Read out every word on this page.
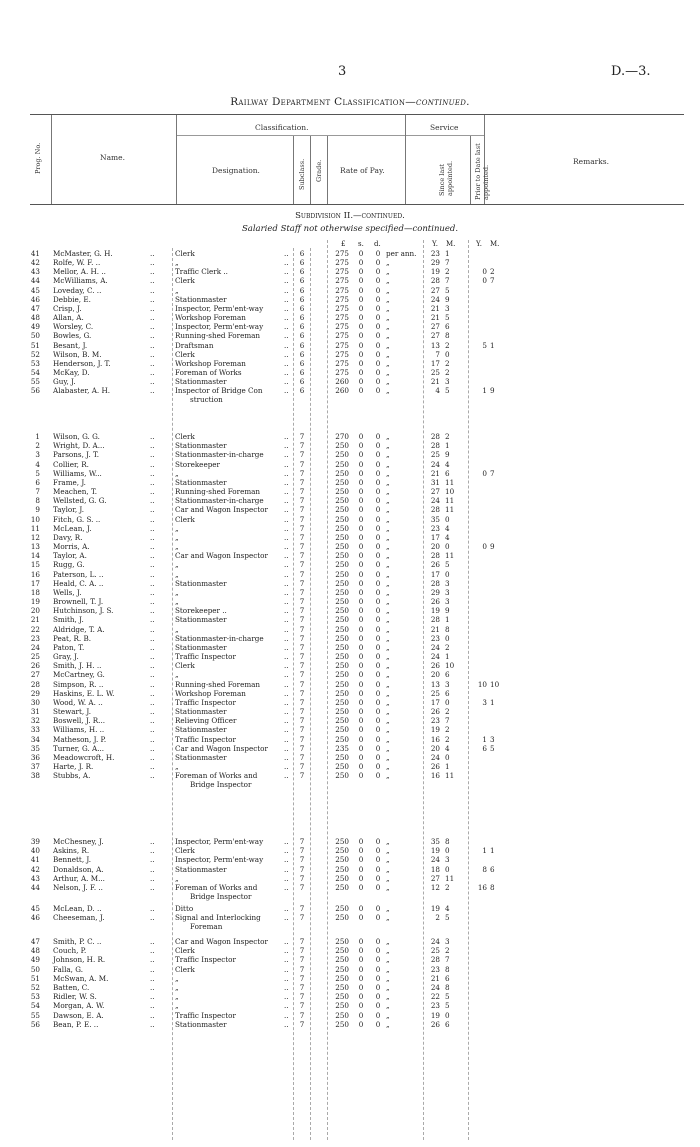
3	D.—3.
Railway Department Classification—continued.
Prog. No.	Name.
Classification.
Designation.	Subclass. Grade. Rate of Pay.
Service
Since last appointed.	Prior to Date last appointed.
Remarks.
Subdivision II.—continued.
Salaried Staff not otherwise specified—continued.
£ s. d.	Y. M.	Y. M.
41 McMaster, G. H.	Clerk	6	275	0	0 per ann.	23 1
..	..
42 Rolfe, W. F. ..	„	6	275	0	0 „	29 7
..	..
43 Mellor, A. H. ..	Traffic Clerk ..	6	275	0	0 „	19 2	0 2
..	..
44 McWilliams, A.	Clerk	6	275	0	0 „	28 7	0 7
..	..
45 Loveday, C. ..	„	6	275	0	0 „	27 5
..	..
46 Debbie, E.	Stationmaster	6	275	0	0 „	24 9
..	..
47 Crisp, J.	Inspector, Perm'ent-way	6	275	0	0 „	21 3
..	..
48 Allan, A.	Workshop Foreman	6	275	0	0 „	21 5
..	..
49 Worsley, C.	Inspector, Perm'ent-way	6	275	0	0 „	27 6
..	..
50 Bowles, G.	Running-shed Foreman	6	275	0	0 „	27 8
..	..
51 Besant, J.	Draftsman	6	275	0	0 „	13 2	5 1
..	..
52 Wilson, B. M.	Clerk	6	275	0	0 „	7 0
..	..
53 Henderson, J. T.	Workshop Foreman	6	275	0	0 „	17 2
..	..
54 McKay, D.	Foreman of Works	6	275	0	0 „	25 2
..	..
55 Guy, J.	Stationmaster	6	260	0	0 „	21 3
..	..
56 Alabaster, A. H.	Inspector of Bridge Con	6	260	0	0 „	4 5	1 9
..	..
struction
1 Wilson, G. G.	Clerk	7	270	0	0 „	28 2
..	..
2 Wright, D. A...	Stationmaster	7	250	0	0 „	28 1
..	..
3 Parsons, J. T.	Stationmaster-in-charge	7	250	0	0 „	25 9
..	..
4 Collier, R.	Storekeeper	7	250	0	0 „	24 4
..	..
5 Williams, W...	„	7	250	0	0 „	21 6	0 7
..	..
6 Frame, J.	Stationmaster	7	250	0	0 „	31 11
..	..
7 Meachen, T.	Running-shed Foreman	7	250	0	0 „	27 10
..	..
8 Wellsted, G. G.	Stationmaster-in-charge	7	250	0	0 „	24 11
..	..
9 Taylor, J.	Car and Wagon Inspector	7	250	0	0 „	28 11
..	..
10 Fitch, G. S. ..	Clerk	7	250	0	0 „	35 0
..	..
11 McLean, J.	„	7	250	0	0 „	23 4
..	..
12 Davy, R.	„	7	250	0	0 „	17 4
..	..
13 Morris, A.	„	7	250	0	0 „	20 0	0 9
..	..
14 Taylor, A.	Car and Wagon Inspector	7	250	0	0 „	28 11
..	..
15 Rugg, G.	„	7	250	0	0 „	26 5
..	..
16 Paterson, L. ..	„	7	250	0	0 „	17 0
..	..
17 Heald, C. A. ..	Stationmaster	7	250	0	0 „	28 3
..	..
18 Wells, J.	„	7	250	0	0 „	29 3
..	..
19 Brownell, T. J.	„	7	250	0	0 „	26 3
..	..
20 Hutchinson, J. S.	Storekeeper ..	7	250	0	0 „	19 9
..	..
21 Smith, J.	Stationmaster	7	250	0	0 „	28 1
..	..
22 Aldridge, T. A.	„	7	250	0	0 „	21 8
..	..
23 Peat, R. B.	Stationmaster-in-charge	7	250	0	0 „	23 0
..	..
24 Paton, T.	Stationmaster	7	250	0	0 „	24 2
..	..
25 Gray, J.	Traffic Inspector	7	250	0	0 „	24 1
..	..
26 Smith, J. H. ..	Clerk	7	250	0	0 „	26 10
..	..
27 McCartney, G.	„	7	250	0	0 „	20 6
..	..
28 Simpson, R. ..	Running-shed Foreman	7	250	0	0 „	13 3	10 10
..	..
29 Haskins, E. L. W.	Workshop Foreman	7	250	0	0 „	25 6
..	..
30 Wood, W. A. ..	Traffic Inspector	7	250	0	0 „	17 0	3 1
..	..
31 Stewart, J.	Stationmaster	7	250	0	0 „	26 2
..	..
32 Boswell, J. R...	Relieving Officer	7	250	0	0 „	23 7
..	..
33 Williams, H. ..	Stationmaster	7	250	0	0 „	19 2
..	..
34 Matheson, J. P.	Traffic Inspector	7	250	0	0 „	16 2	1 3
..	..
35 Turner, G. A...	Car and Wagon Inspector	7	235	0	0 „	20 4	6 5
..	..
36 Meadowcroft, H.	Stationmaster	7	250	0	0 „	24 0
..	..
37 Harte, J. R.	„	7	250	0	0 „	26 1
..	..
38 Stubbs, A.	Foreman of Works and	7	250	0	0 „	16 11
..	..
Bridge Inspector
39 McChesney, J.	Inspector, Perm'ent-way	7	250	0	0 „	35 8
..	..
40 Askins, R.	Clerk	7	250	0	0 „	19 0	1 1
..	..
41 Bennett, J.	Inspector, Perm'ent-way	7	250	0	0 „	24 3
..	..
42 Donaldson, A.	Stationmaster	7	250	0	0 „	18 0	8 6
..	..
43 Arthur, A. M...	„	7	250	0	0 „	27 11
..	..
44 Nelson, J. F. ..	Foreman of Works and	7	250	0	0 „	12 2	16 8
..	..
Bridge Inspector
45 McLean, D. ..	Ditto	7	250	0	0 „	19 4
..	..
46 Cheeseman, J.	Signal and Interlocking	7	250	0	0 „	2 5
..	..
Foreman
47 Smith, P. C. ..	Car and Wagon Inspector	7	250	0	0 „	24 3
..	..
48 Couch, P.	Clerk	7	250	0	0 „	25 2
..	..
49 Johnson, H. R.	Traffic Inspector	7	250	0	0 „	28 7
..	..
50 Falla, G.	Clerk	7	250	0	0 „	23 8
..	..
51 McSwan, A. M.	„	7	250	0	0 „	21 6
..	..
52 Batten, C.	„	7	250	0	0 „	24 8
..	..
53 Ridler, W. S.	„	7	250	0	0 „	22 5
..	..
54 Morgan, A. W.	„	7	250	0	0 „	23 5
..	..
55 Dawson, E. A.	Traffic Inspector	7	250	0	0 „	19 0
..	..
56 Bean, P. E. ..	Stationmaster	7	250	0	0 „	26 6
..	..
